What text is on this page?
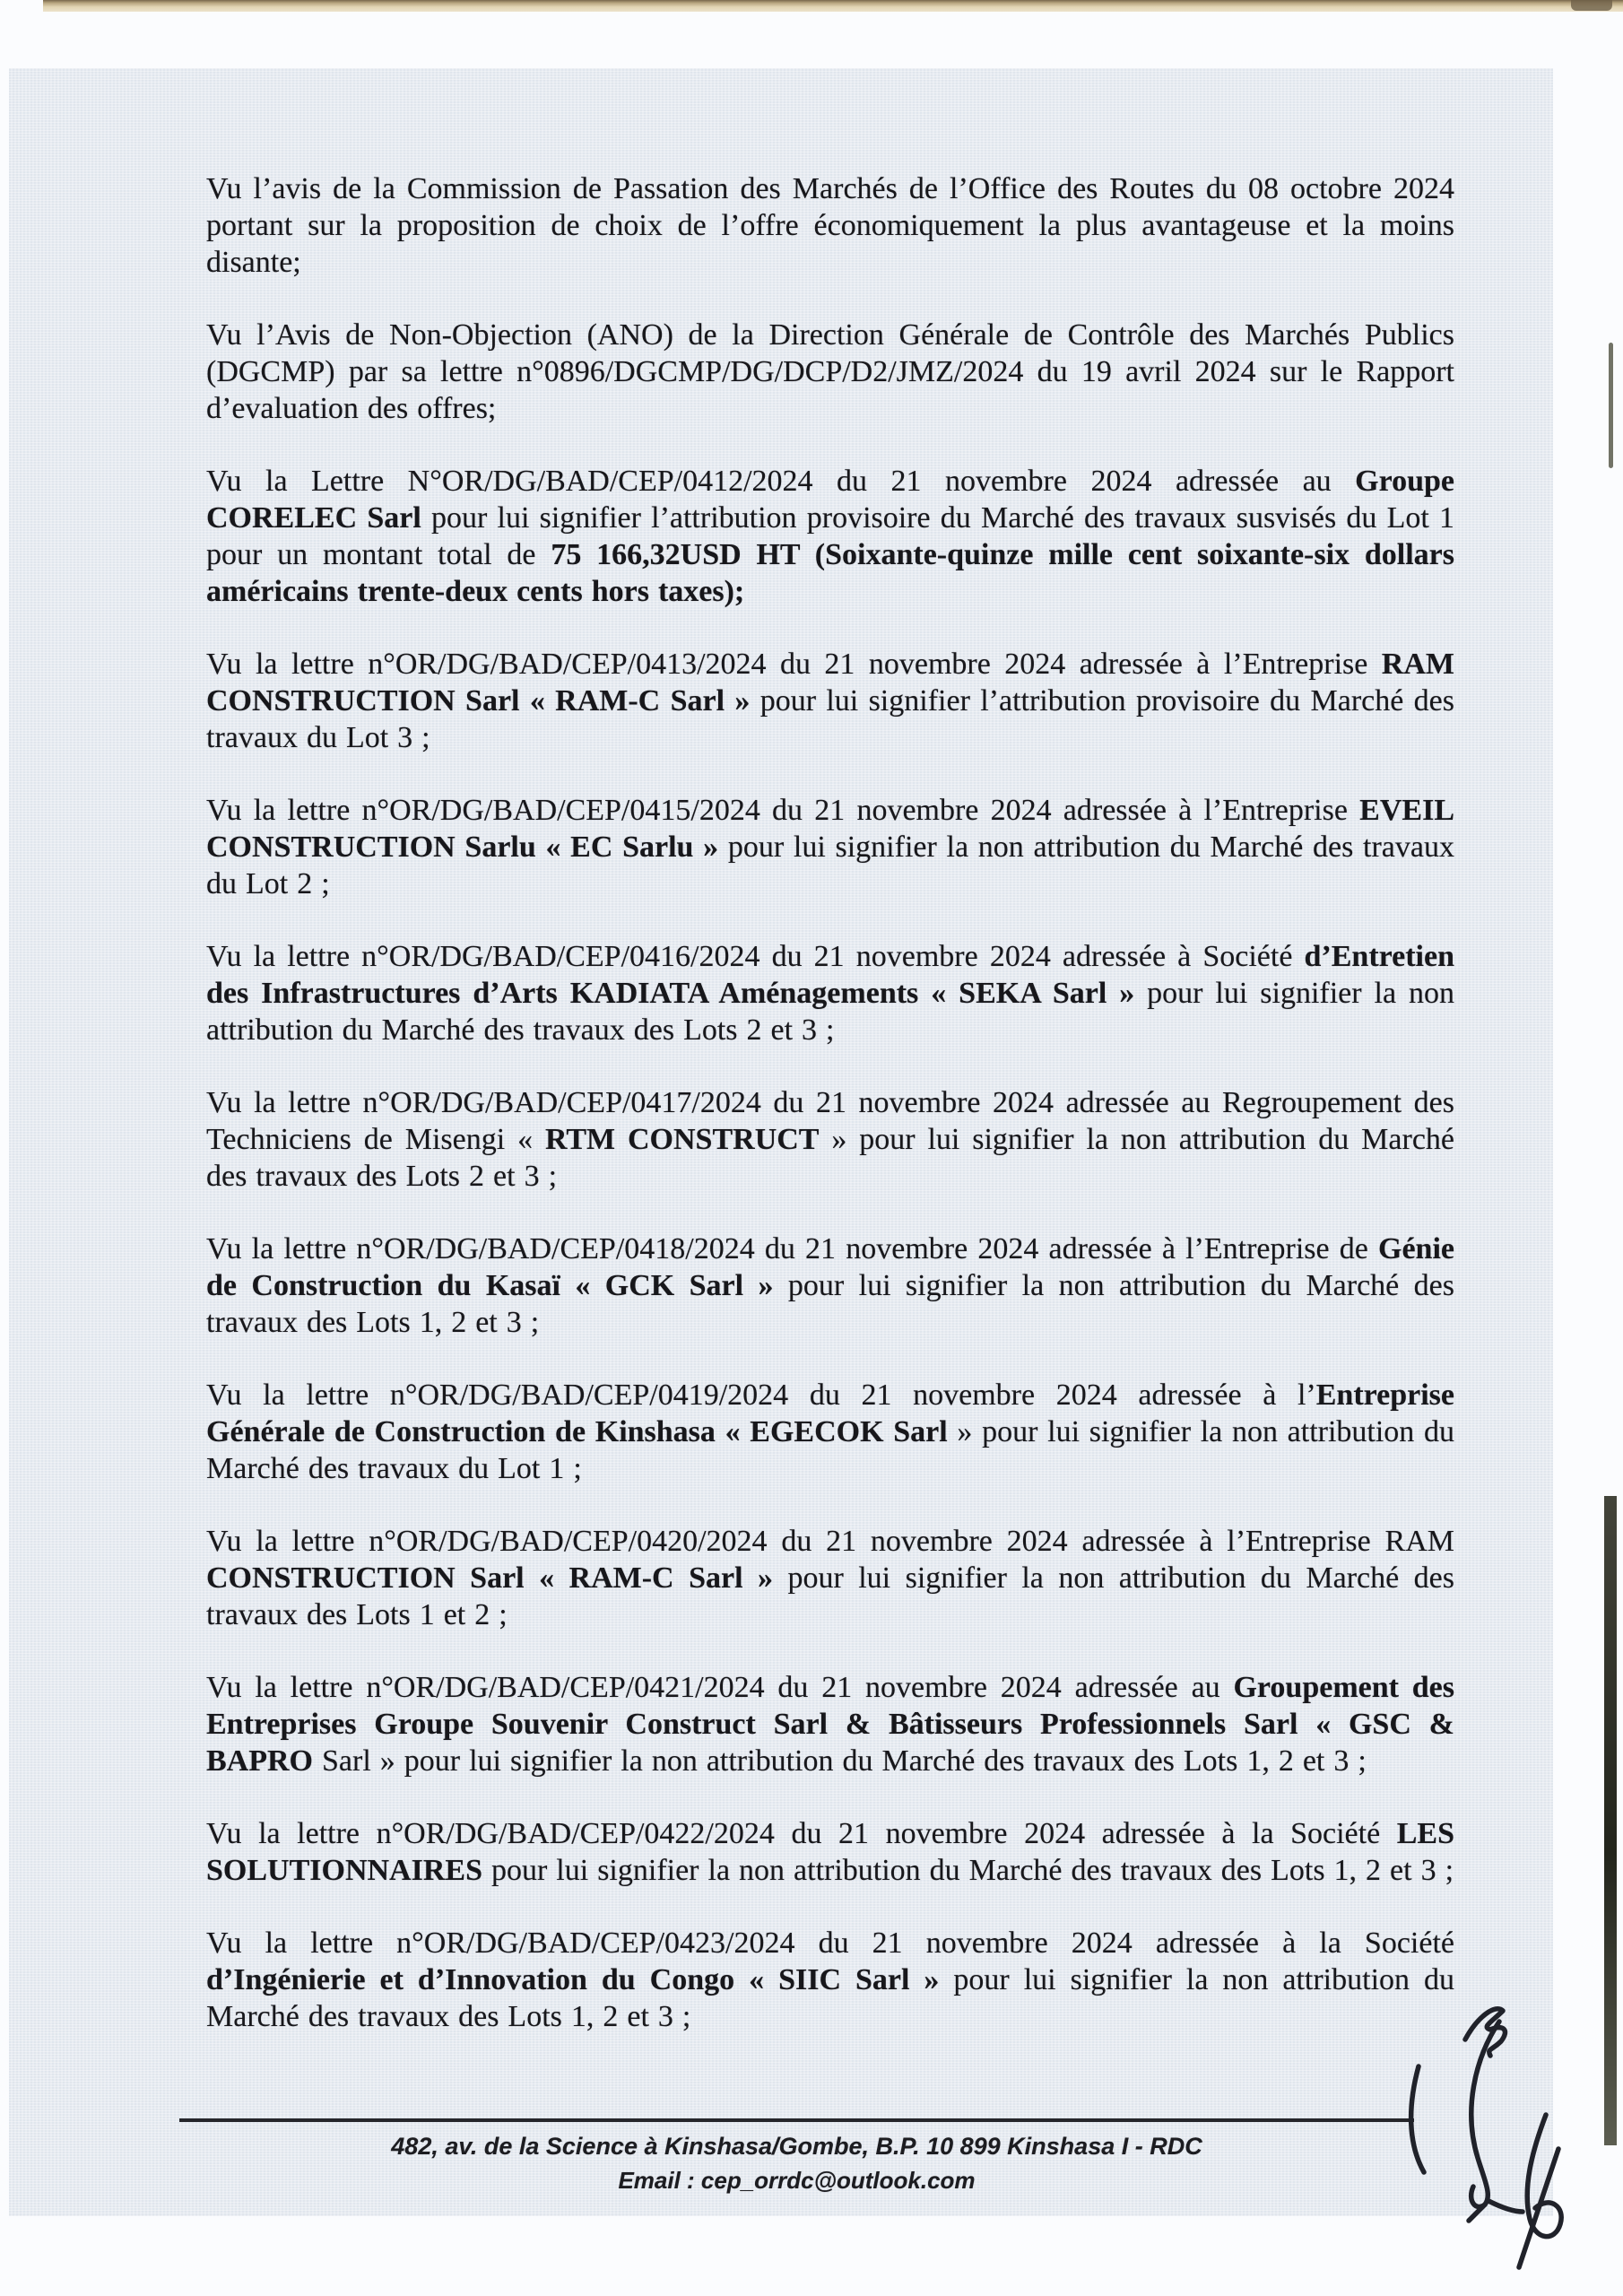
Vu l’avis de la Commission de Passation des Marchés de l’Office des Routes du 08 octobre 2024 portant sur la proposition de choix de l’offre économiquement la plus avantageuse et la moins disante;

Vu l’Avis de Non-Objection (ANO) de la Direction Générale de Contrôle des Marchés Publics (DGCMP) par sa lettre n°0896/DGCMP/DG/DCP/D2/JMZ/2024 du 19 avril 2024 sur le Rapport d’evaluation des offres;

Vu la Lettre N°OR/DG/BAD/CEP/0412/2024 du 21 novembre 2024 adressée au Groupe CORELEC Sarl pour lui signifier l’attribution provisoire du Marché des travaux susvisés du Lot 1 pour un montant total de 75 166,32USD HT (Soixante-quinze mille cent soixante-six dollars américains trente-deux cents hors taxes);

Vu la lettre n°OR/DG/BAD/CEP/0413/2024 du 21 novembre 2024 adressée à l’Entreprise RAM CONSTRUCTION Sarl « RAM-C Sarl » pour lui signifier l’attribution provisoire du Marché des travaux du Lot 3 ;

Vu la lettre n°OR/DG/BAD/CEP/0415/2024 du 21 novembre 2024 adressée à l’Entreprise EVEIL CONSTRUCTION Sarlu « EC Sarlu » pour lui signifier la non attribution du Marché des travaux du Lot 2 ;

Vu la lettre n°OR/DG/BAD/CEP/0416/2024 du 21 novembre 2024 adressée à Société d’Entretien des Infrastructures d’Arts KADIATA Aménagements « SEKA Sarl » pour lui signifier la non attribution du Marché des travaux des Lots 2 et 3 ;

Vu la lettre n°OR/DG/BAD/CEP/0417/2024 du 21 novembre 2024 adressée au Regroupement des Techniciens de Misengi « RTM CONSTRUCT » pour lui signifier la non attribution du Marché des travaux des Lots 2 et 3 ;

Vu la lettre n°OR/DG/BAD/CEP/0418/2024 du 21 novembre 2024 adressée à l’Entreprise de Génie de Construction du Kasaï « GCK Sarl » pour lui signifier la non attribution du Marché des travaux des Lots 1, 2 et 3 ;

Vu la lettre n°OR/DG/BAD/CEP/0419/2024 du 21 novembre 2024 adressée à l’Entreprise Générale de Construction de Kinshasa « EGECOK Sarl » pour lui signifier la non attribution du Marché des travaux du Lot 1 ;

Vu la lettre n°OR/DG/BAD/CEP/0420/2024 du 21 novembre 2024 adressée à l’Entreprise RAM CONSTRUCTION Sarl « RAM-C Sarl » pour lui signifier la non attribution du Marché des travaux des Lots 1 et 2 ;

Vu la lettre n°OR/DG/BAD/CEP/0421/2024 du 21 novembre 2024 adressée au Groupement des Entreprises Groupe Souvenir Construct Sarl & Bâtisseurs Professionnels Sarl « GSC & BAPRO Sarl » pour lui signifier la non attribution du Marché des travaux des Lots 1, 2 et 3 ;

Vu la lettre n°OR/DG/BAD/CEP/0422/2024 du 21 novembre 2024 adressée à la Société LES SOLUTIONNAIRES pour lui signifier la non attribution du Marché des travaux des Lots 1, 2 et 3 ;

Vu la lettre n°OR/DG/BAD/CEP/0423/2024 du 21 novembre 2024 adressée à la Société d’Ingénierie et d’Innovation du Congo « SIIC Sarl » pour lui signifier la non attribution du Marché des travaux des Lots 1, 2 et 3 ;

482, av. de la Science à Kinshasa/Gombe, B.P. 10 899 Kinshasa I - RDC
Email : cep_orrdc@outlook.com
